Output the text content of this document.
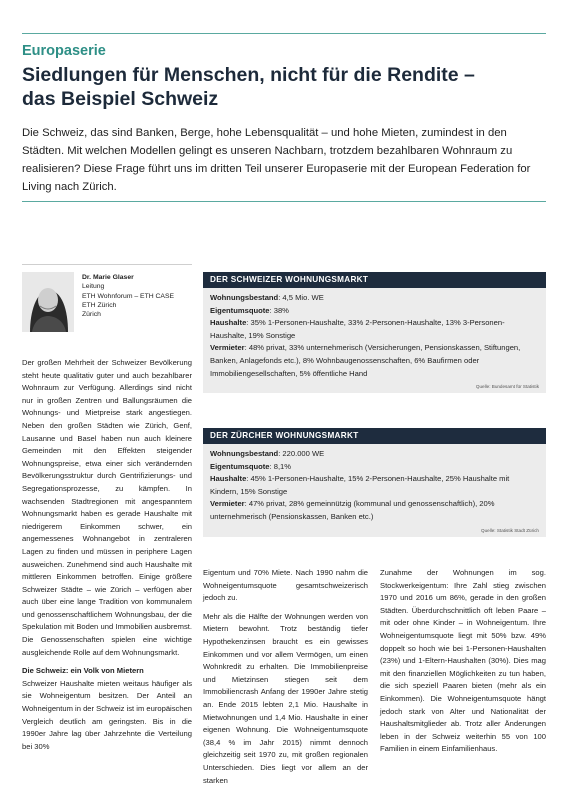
Europaserie
Siedlungen für Menschen, nicht für die Rendite –
das Beispiel Schweiz
Die Schweiz, das sind Banken, Berge, hohe Lebensqualität – und hohe Mieten, zumindest in den Städten. Mit welchen Modellen gelingt es unseren Nachbarn, trotzdem bezahlbaren Wohnraum zu realisieren? Diese Frage führt uns im dritten Teil unserer Europaserie mit der European Federation for Living nach Zürich.
Dr. Marie Glaser
Leitung
ETH Wohnforum – ETH CASE
ETH Zürich
Zürich

Der großen Mehrheit der Schweizer Bevölkerung steht heute qualitativ guter und auch bezahlbarer Wohnraum zur Verfügung. Allerdings sind nicht nur in großen Zentren und Ballungsräumen die Wohnungs- und Mietpreise stark angestiegen. Neben den großen Städten wie Zürich, Genf, Lausanne und Basel haben nun auch kleinere Gemeinden mit den Effekten steigender Wohnungspreise, etwa einer sich verändernden Bevölkerungsstruktur durch Gentrifizierungs- und Segregationsprozesse, zu kämpfen. In wachsenden Stadtregionen mit angespanntem Wohnungsmarkt haben es gerade Haushalte mit niedrigerem Einkommen schwer, ein angemessenes Wohnangebot in zentraleren Lagen zu finden und müssen in periphere Lagen ausweichen. Zunehmend sind auch Haushalte mit mittleren Einkommen betroffen. Einige größere Schweizer Städte – wie Zürich – verfügen aber auch über eine lange Tradition von kommunalem und genossenschaftlichem Wohnungsbau, der die Spekulation mit Boden und Immobilien ausbremst. Die Genossenschaften spielen eine wichtige ausgleichende Rolle auf dem Wohnungsmarkt.

Die Schweiz: ein Volk von Mietern

Schweizer Haushalte mieten weitaus häufiger als sie Wohneigentum besitzen. Der Anteil an Wohneigentum in der Schweiz ist im europäischen Vergleich deutlich am geringsten. Bis in die 1990er Jahre lag über Jahrzehnte die Verteilung bei 30%

DER SCHWEIZER WOHNUNGSMARKT
Wohnungsbestand: 4,5 Mio. WE
Eigentumsquote: 38%
Haushalte: 35% 1-Personen-Haushalte, 33% 2-Personen-Haushalte, 13% 3-Personen-Haushalte, 19% Sonstige
Vermieter: 48% privat, 33% unternehmerisch (Versicherungen, Pensionskassen, Stiftungen, Banken, Anlagefonds etc.), 8% Wohnbaugenossenschaften, 6% Baufirmen oder Immobiliengesellschaften, 5% öffentliche Hand
Quelle: Bundesamt für Statistik
DER ZÜRCHER WOHNUNGSMARKT
Wohnungsbestand: 220.000 WE
Eigentumsquote: 8,1%
Haushalte: 45% 1-Personen-Haushalte, 15% 2-Personen-Haushalte, 25% Haushalte mit Kindern, 15% Sonstige
Vermieter: 47% privat, 28% gemeinnützig (kommunal und genossenschaftlich), 20% unternehmerisch (Pensionskassen, Banken etc.)
Quelle: Statistik Stadt Zürich

Eigentum und 70% Miete. Nach 1990 nahm die Wohneigentumsquote gesamtschweizerisch jedoch zu.

Mehr als die Hälfte der Wohnungen werden von Mietern bewohnt. Trotz beständig tiefer Hypothekenzinsen braucht es ein gewisses Einkommen und vor allem Vermögen, um einen Wohnkredit zu erhalten. Die Immobilienpreise und Mietzinsen stiegen seit dem Immobiliencrash Anfang der 1990er Jahre stetig an. Ende 2015 lebten 2,1 Mio. Haushalte in Mietwohnungen und 1,4 Mio. Haushalte in einer eigenen Wohnung. Die Wohneigentumsquote (38,4 % im Jahr 2015) nimmt dennoch gleichzeitig seit 1970 zu, mit großen regionalen Unterschieden. Dies liegt vor allem an der starken

Zunahme der Wohnungen im sog. Stockwerkeigentum: Ihre Zahl stieg zwischen 1970 und 2016 um 86%, gerade in den großen Städten. Überdurchschnittlich oft leben Paare – mit oder ohne Kinder – in Wohneigentum. Ihre Wohneigentumsquote liegt mit 50% bzw. 49% doppelt so hoch wie bei 1-Personen-Haushalten (23%) und 1-Eltern-Haushalten (30%). Dies mag mit den finanziellen Möglichkeiten zu tun haben, die sich speziell Paaren bieten (mehr als ein Einkommen). Die Wohneigentumsquote hängt jedoch stark von Alter und Nationalität der Haushaltsmitglieder ab. Trotz aller Änderungen leben in der Schweiz weiterhin 55 von 100 Familien in einem Einfamilienhaus.
